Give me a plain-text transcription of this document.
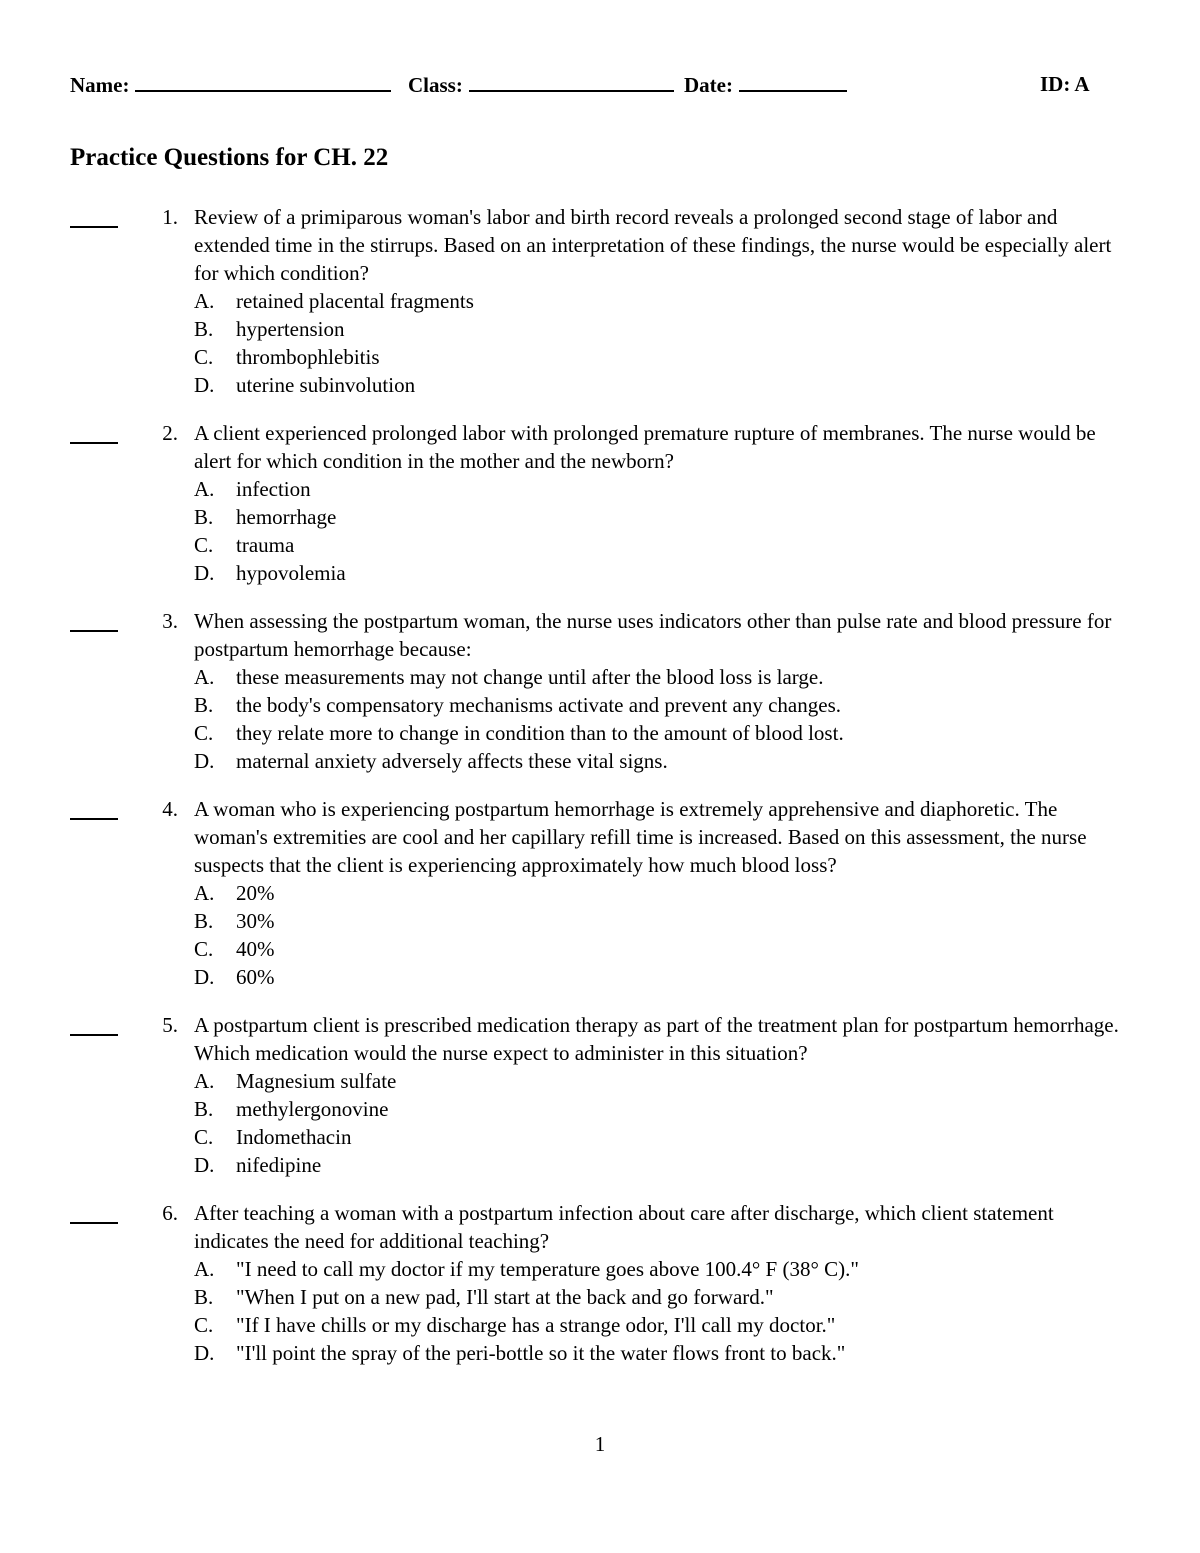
Name:	Class:	Date:	ID: A
Practice Questions for CH. 22
1. Review of a primiparous woman's labor and birth record reveals a prolonged second stage of labor and extended time in the stirrups. Based on an interpretation of these findings, the nurse would be especially alert for which condition?
A. retained placental fragments
B. hypertension
C. thrombophlebitis
D. uterine subinvolution
2. A client experienced prolonged labor with prolonged premature rupture of membranes. The nurse would be alert for which condition in the mother and the newborn?
A. infection
B. hemorrhage
C. trauma
D. hypovolemia
3. When assessing the postpartum woman, the nurse uses indicators other than pulse rate and blood pressure for postpartum hemorrhage because:
A. these measurements may not change until after the blood loss is large.
B. the body's compensatory mechanisms activate and prevent any changes.
C. they relate more to change in condition than to the amount of blood lost.
D. maternal anxiety adversely affects these vital signs.
4. A woman who is experiencing postpartum hemorrhage is extremely apprehensive and diaphoretic. The woman's extremities are cool and her capillary refill time is increased. Based on this assessment, the nurse suspects that the client is experiencing approximately how much blood loss?
A. 20%
B. 30%
C. 40%
D. 60%
5. A postpartum client is prescribed medication therapy as part of the treatment plan for postpartum hemorrhage. Which medication would the nurse expect to administer in this situation?
A. Magnesium sulfate
B. methylergonovine
C. Indomethacin
D. nifedipine
6. After teaching a woman with a postpartum infection about care after discharge, which client statement indicates the need for additional teaching?
A. "I need to call my doctor if my temperature goes above 100.4° F (38° C)."
B. "When I put on a new pad, I'll start at the back and go forward."
C. "If I have chills or my discharge has a strange odor, I'll call my doctor."
D. "I'll point the spray of the peri-bottle so it the water flows front to back."
1
